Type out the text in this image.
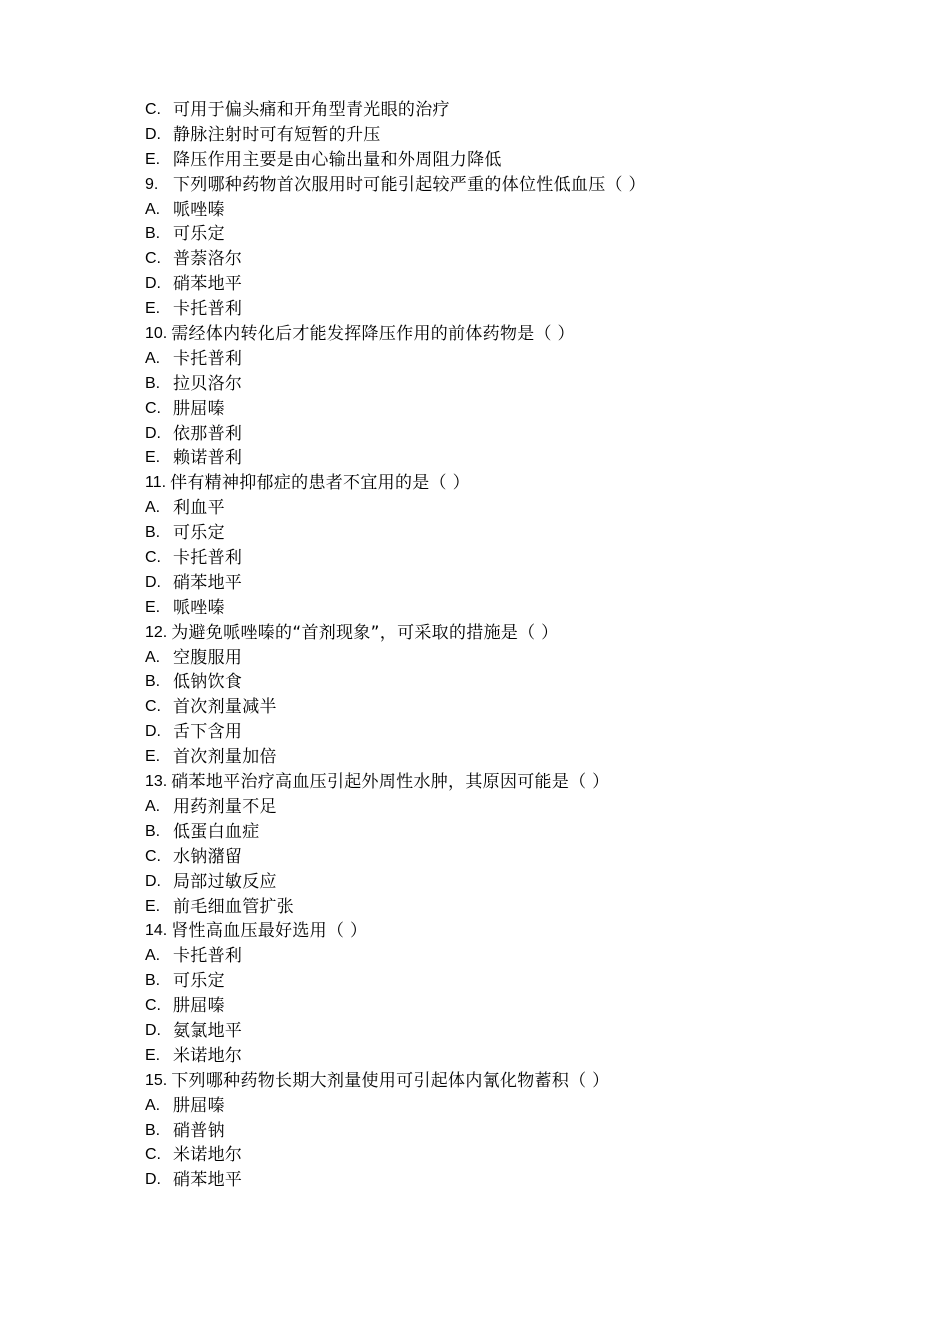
C. 可用于偏头痛和开角型青光眼的治疗
D. 静脉注射时可有短暂的升压
E. 降压作用主要是由心输出量和外周阻力降低
9. 下列哪种药物首次服用时可能引起较严重的体位性低血压（ ）
A. 哌唑嗪
B. 可乐定
C. 普萘洛尔
D. 硝苯地平
E. 卡托普利
10. 需经体内转化后才能发挥降压作用的前体药物是（ ）
A. 卡托普利
B. 拉贝洛尔
C. 肼屈嗪
D. 依那普利
E. 赖诺普利
11. 伴有精神抑郁症的患者不宜用的是（ ）
A. 利血平
B. 可乐定
C. 卡托普利
D. 硝苯地平
E. 哌唑嗪
12. 为避免哌唑嗪的“首剂现象”，可采取的措施是（ ）
A. 空腹服用
B. 低钠饮食
C. 首次剂量减半
D. 舌下含用
E. 首次剂量加倍
13. 硝苯地平治疗高血压引起外周性水肿，其原因可能是（ ）
A. 用药剂量不足
B. 低蛋白血症
C. 水钠潴留
D. 局部过敏反应
E. 前毛细血管扩张
14. 肾性高血压最好选用（ ）
A. 卡托普利
B. 可乐定
C. 肼屈嗪
D. 氨氯地平
E. 米诺地尔
15. 下列哪种药物长期大剂量使用可引起体内氰化物蓄积（ ）
A. 肼屈嗪
B. 硝普钠
C. 米诺地尔
D. 硝苯地平
